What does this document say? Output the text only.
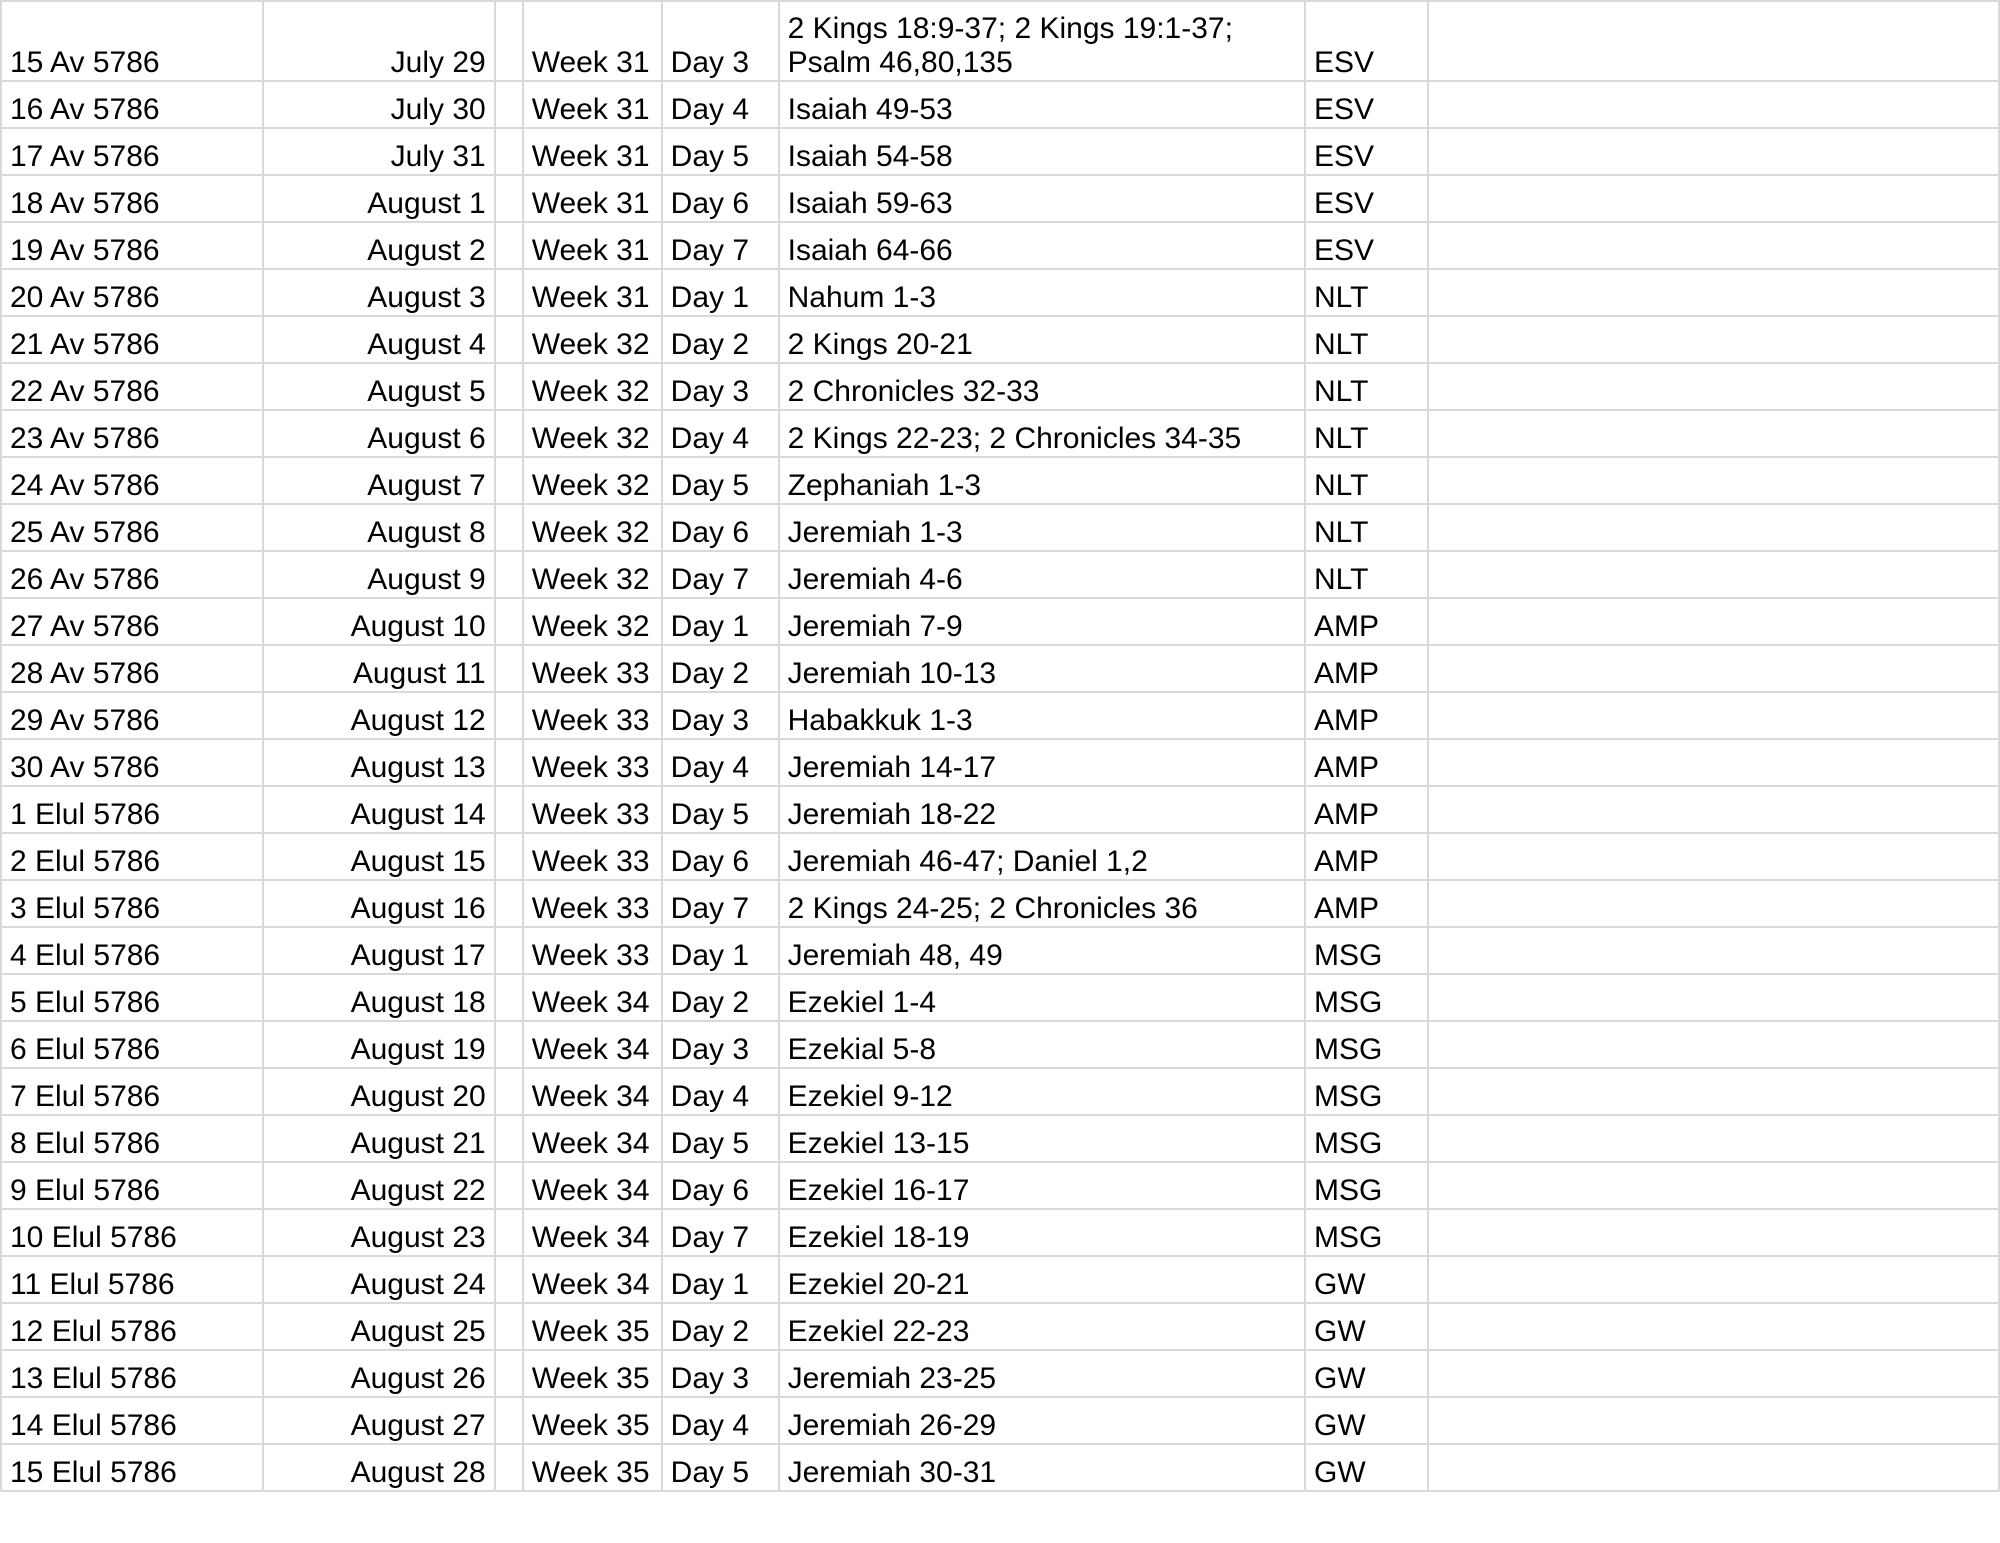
15 Av 5786	July 29		Week 31	Day 3	2 Kings 18:9-37; 2 Kings 19:1-37; Psalm 46,80,135	ESV	
16 Av 5786	July 30		Week 31	Day 4	Isaiah 49-53	ESV	
17 Av 5786	July 31		Week 31	Day 5	Isaiah 54-58	ESV	
18 Av 5786	August 1		Week 31	Day 6	Isaiah 59-63	ESV	
19 Av 5786	August 2		Week 31	Day 7	Isaiah 64-66	ESV	
20 Av 5786	August 3		Week 31	Day 1	Nahum 1-3	NLT	
21 Av 5786	August 4		Week 32	Day 2	2 Kings 20-21	NLT	
22 Av 5786	August 5		Week 32	Day 3	2 Chronicles 32-33	NLT	
23 Av 5786	August 6		Week 32	Day 4	2 Kings 22-23; 2 Chronicles 34-35	NLT	
24 Av 5786	August 7		Week 32	Day 5	Zephaniah 1-3	NLT	
25 Av 5786	August 8		Week 32	Day 6	Jeremiah 1-3	NLT	
26 Av 5786	August 9		Week 32	Day 7	Jeremiah 4-6	NLT	
27 Av 5786	August 10		Week 32	Day 1	Jeremiah 7-9	AMP	
28 Av 5786	August 11		Week 33	Day 2	Jeremiah 10-13	AMP	
29 Av 5786	August 12		Week 33	Day 3	Habakkuk 1-3	AMP	
30 Av 5786	August 13		Week 33	Day 4	Jeremiah 14-17	AMP	
1 Elul 5786	August 14		Week 33	Day 5	Jeremiah 18-22	AMP	
2 Elul 5786	August 15		Week 33	Day 6	Jeremiah 46-47; Daniel 1,2	AMP	
3 Elul 5786	August 16		Week 33	Day 7	2 Kings 24-25; 2 Chronicles 36	AMP	
4 Elul 5786	August 17		Week 33	Day 1	Jeremiah 48, 49	MSG	
5 Elul 5786	August 18		Week 34	Day 2	Ezekiel 1-4	MSG	
6 Elul 5786	August 19		Week 34	Day 3	Ezekial 5-8	MSG	
7 Elul 5786	August 20		Week 34	Day 4	Ezekiel 9-12	MSG	
8 Elul 5786	August 21		Week 34	Day 5	Ezekiel 13-15	MSG	
9 Elul 5786	August 22		Week 34	Day 6	Ezekiel 16-17	MSG	
10 Elul 5786	August 23		Week 34	Day 7	Ezekiel 18-19	MSG	
11 Elul 5786	August 24		Week 34	Day 1	Ezekiel 20-21	GW	
12 Elul 5786	August 25		Week 35	Day 2	Ezekiel 22-23	GW	
13 Elul 5786	August 26		Week 35	Day 3	Jeremiah 23-25	GW	
14 Elul 5786	August 27		Week 35	Day 4	Jeremiah 26-29	GW	
15 Elul 5786	August 28		Week 35	Day 5	Jeremiah 30-31	GW	
